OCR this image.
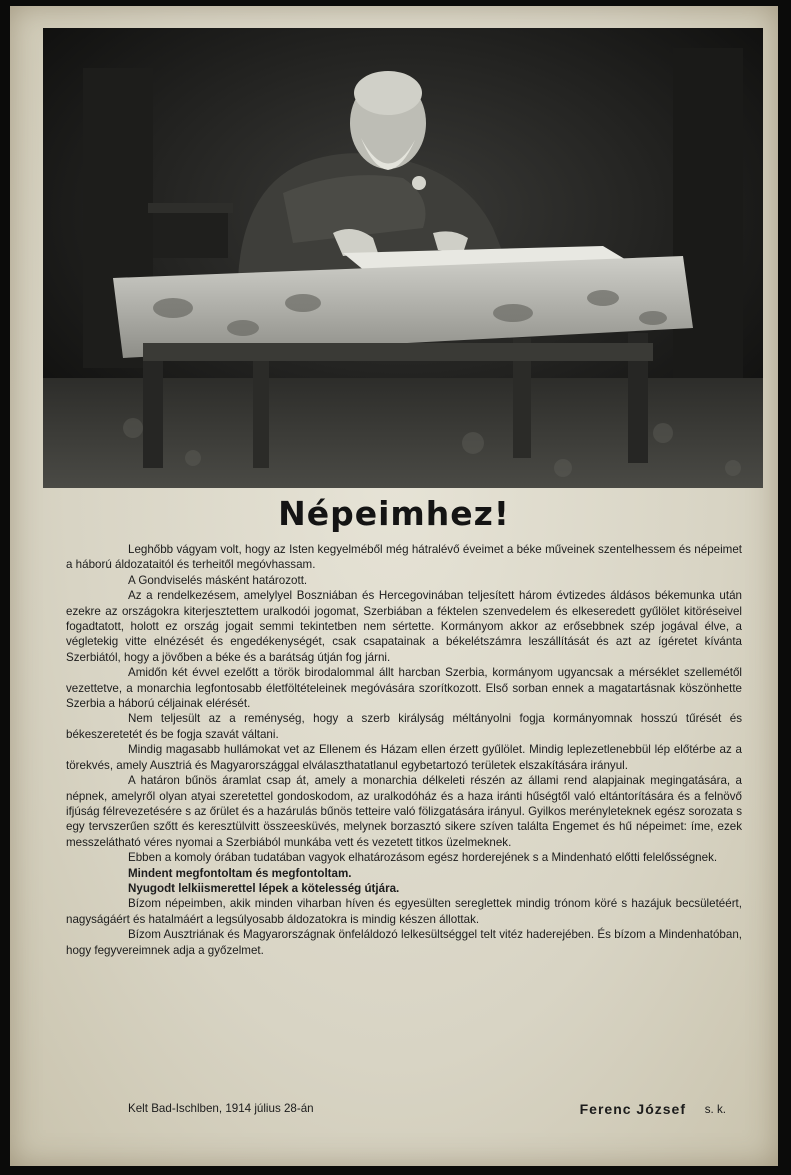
Népeimhez!

Leghőbb vágyam volt, hogy az Isten kegyelméből még hátralévő éveimet a béke műveinek szentelhessem és népeimet a háború áldozataitól és terheitől megóvhassam.

A Gondviselés másként határozott.

Az a rendelkezésem, amelylyel Boszniában és Hercegovinában teljesített három évtizedes áldásos békemunka után ezekre az országokra kiterjesztettem uralkodói jogomat, Szerbiában a féktelen szenvedelem és elkeseredett gyűlölet kitöréseivel fogadtatott, holott ez ország jogait semmi tekintetben nem sértette. Kormányom akkor az erősebbnek szép jogával élve, a végletekig vitte elnézését és engedékenységét, csak csapatainak a békelétszámra leszállítását és azt az ígéretet kívánta Szerbiától, hogy a jövőben a béke és a barátság útján fog járni.

Amidőn két évvel ezelőtt a török birodalommal állt harcban Szerbia, kormányom ugyancsak a mérséklet szellemétől vezettetve, a monarchia legfontosabb életföltételeinek megóvására szorítkozott. Első sorban ennek a magatartásnak köszönhette Szerbia a háború céljainak elérését.

Nem teljesült az a reménység, hogy a szerb királyság méltányolni fogja kormányomnak hosszú tűrését és békeszeretetét és be fogja szavát váltani.

Mindig magasabb hullámokat vet az Ellenem és Házam ellen érzett gyűlölet. Mindig leplezetlenebbül lép előtérbe az a törekvés, amely Ausztriá és Magyarországgal elválaszthatatlanul egybetartozó területek elszakítására irányul.

A határon bűnös áramlat csap át, amely a monarchia délkeleti részén az állami rend alapjainak megingatására, a népnek, amelyről olyan atyai szeretettel gondoskodom, az uralkodóház és a haza iránti hűségtől való eltántorítására és a felnövő ifjúság félrevezetésére s az őrület és a hazárulás bűnös tetteire való fölizgatására irányul. Gyilkos merényleteknek egész sorozata s egy tervszerűen szőtt és keresztülvitt összeesküvés, melynek borzasztó sikere szíven találta Engemet és hű népeimet: íme, ezek messzelátható véres nyomai a Szerbiából munkába vett és vezetett titkos üzelmeknek.

Ebben a komoly órában tudatában vagyok elhatározásom egész horderejének s a Mindenható előtti felelősségnek.

Mindent megfontoltam és megfontoltam.

Nyugodt lelkiismerettel lépek a kötelesség útjára.

Bízom népeimben, akik minden viharban híven és egyesülten sereglettek mindig trónom köré s hazájuk becsületéért, nagyságáért és hatalmáért a legsúlyosabb áldozatokra is mindig készen állottak.

Bízom Ausztriának és Magyarországnak önfeláldozó lelkesültséggel telt vitéz haderejében. És bízom a Mindenhatóban, hogy fegyvereimnek adja a győzelmet.

Kelt Bad-Ischlben, 1914 július 28-án	Ferenc József s. k.
